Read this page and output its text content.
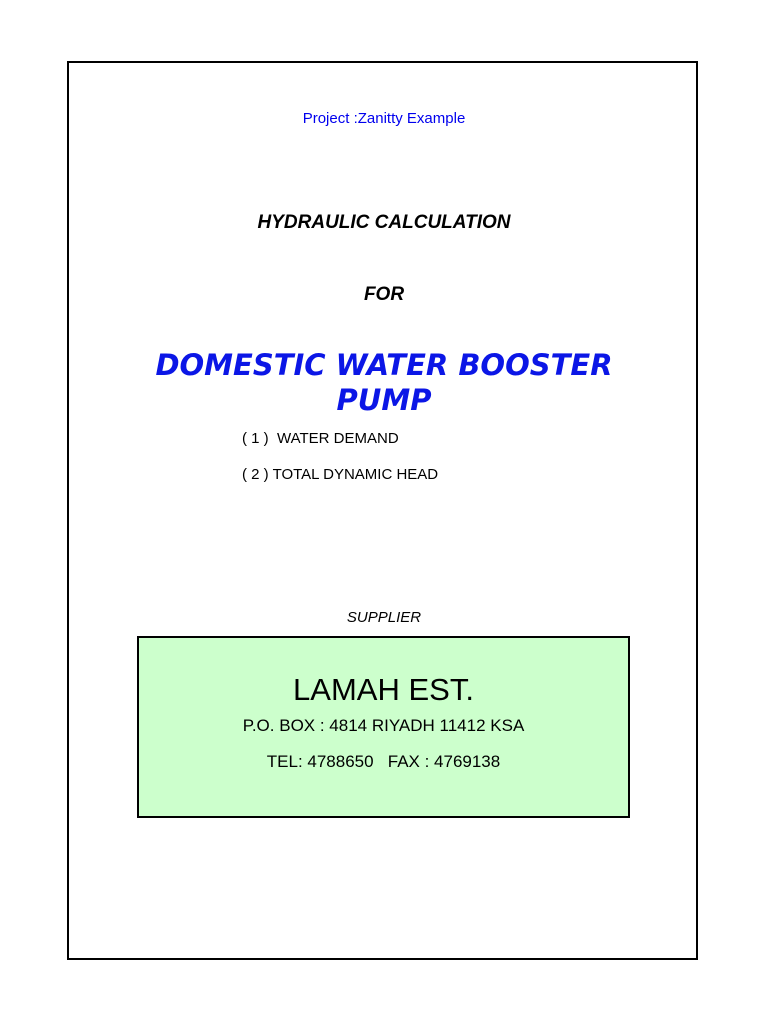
Project :Zanitty Example
HYDRAULIC CALCULATION
FOR
DOMESTIC WATER BOOSTER PUMP
( 1 )  WATER DEMAND
( 2 ) TOTAL DYNAMIC HEAD
SUPPLIER
LAMAH EST.
P.O. BOX : 4814 RIYADH 11412 KSA
TEL: 4788650   FAX : 4769138
